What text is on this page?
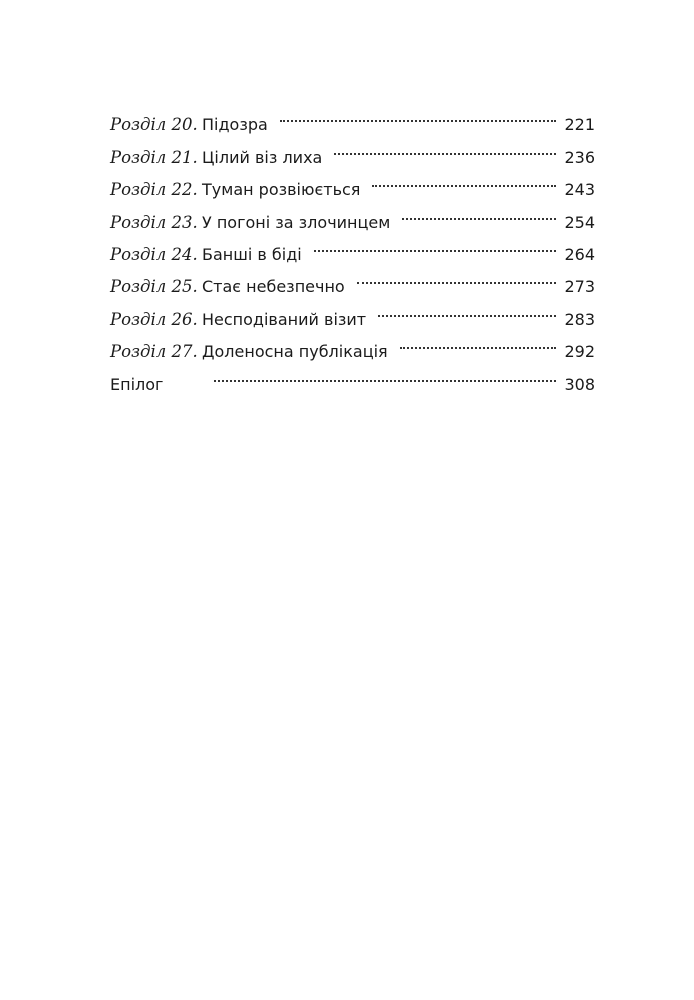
Розділ 20. Підозра	221
Розділ 21. Цілий віз лиха	236
Розділ 22. Туман розвіюється	243
Розділ 23. У погоні за злочинцем	254
Розділ 24. Банші в біді	264
Розділ 25. Стає небезпечно	273
Розділ 26. Несподіваний візит	283
Розділ 27. Доленосна публікація	292
Епілог	308
